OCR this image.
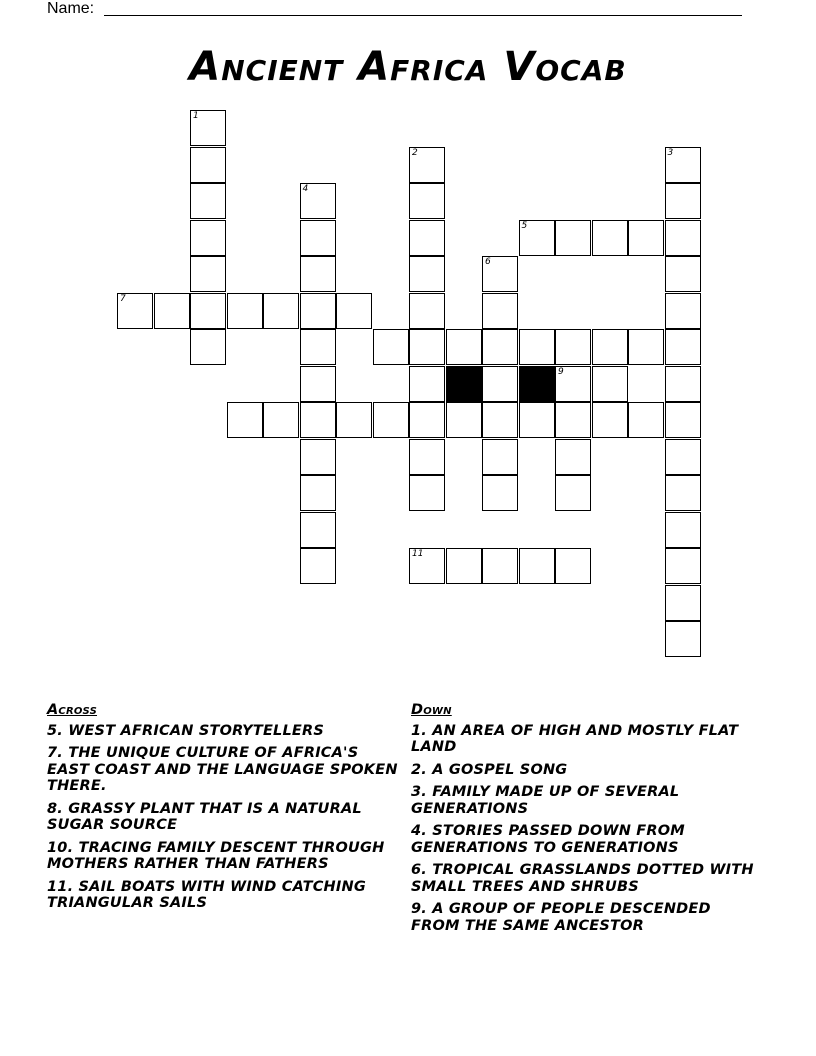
Name:
Ancient Africa Vocab
1
4
2	3
5
6
7
9
11
Across
5. WEST AFRICAN STORYTELLERS
7. THE UNIQUE CULTURE OF AFRICA'S EAST COAST AND THE LANGUAGE SPOKEN THERE.
8. GRASSY PLANT THAT IS A NATURAL SUGAR SOURCE
10. TRACING FAMILY DESCENT THROUGH MOTHERS RATHER THAN FATHERS
11. SAIL BOATS WITH WIND CATCHING TRIANGULAR SAILS
Down
1. AN AREA OF HIGH AND MOSTLY FLAT LAND
2. A GOSPEL SONG
3. FAMILY MADE UP OF SEVERAL GENERATIONS
4. STORIES PASSED DOWN FROM GENERATIONS TO GENERATIONS
6. TROPICAL GRASSLANDS DOTTED WITH SMALL TREES AND SHRUBS
9. A GROUP OF PEOPLE DESCENDED FROM THE SAME ANCESTOR
